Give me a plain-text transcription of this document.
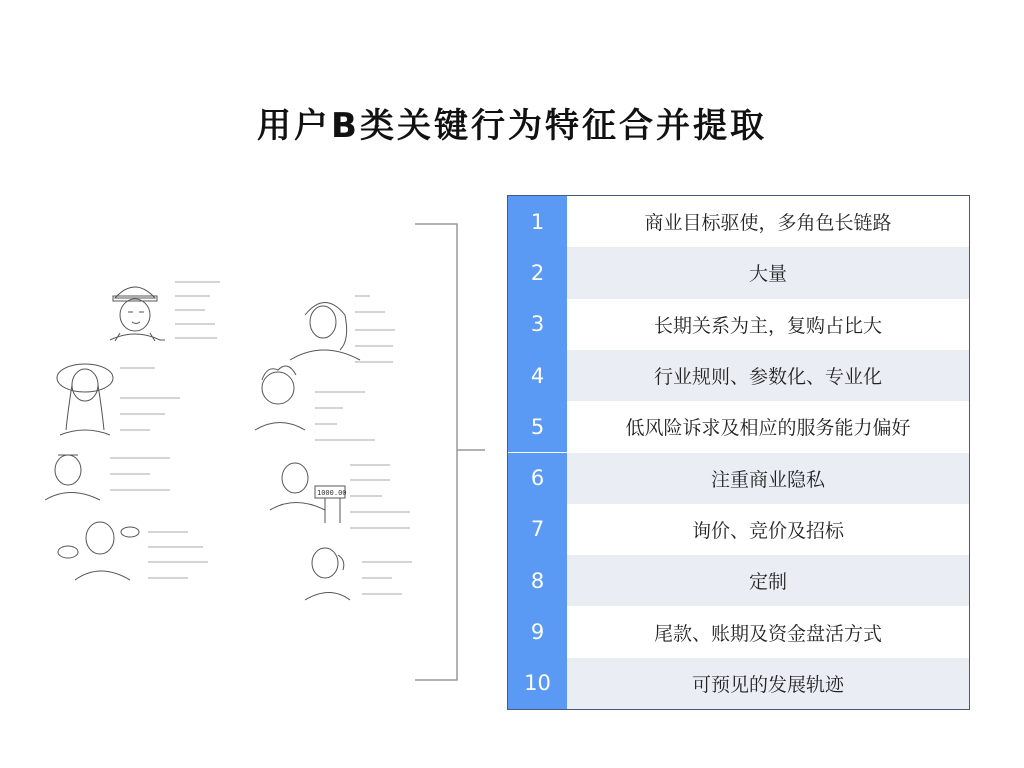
用户B类关键行为特征合并提取
1000.00
1	商业目标驱使，多角色长链路
2	大量
3	长期关系为主，复购占比大
4	行业规则、参数化、专业化
5	低风险诉求及相应的服务能力偏好
6	注重商业隐私
7	询价、竞价及招标
8	定制
9	尾款、账期及资金盘活方式
10	可预见的发展轨迹
